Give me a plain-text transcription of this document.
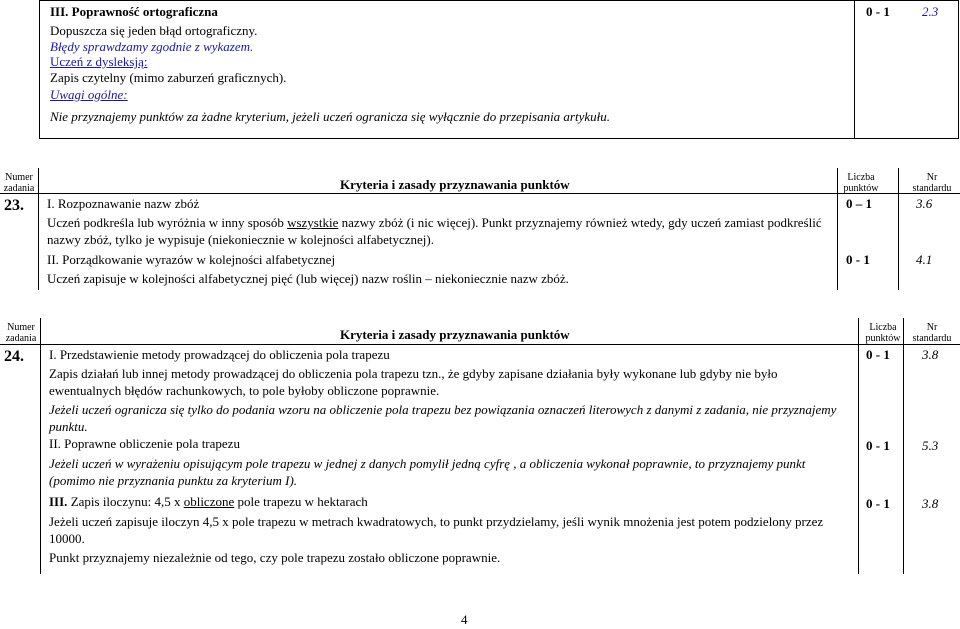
III. Poprawność ortograficzna
Dopuszcza się jeden błąd ortograficzny.
Błędy sprawdzamy zgodnie z wykazem.
Uczeń z dysleksją:
Zapis czytelny (mimo zaburzeń graficznych).
Uwagi ogólne:
Nie przyznajemy punktów za żadne kryterium, jeżeli uczeń ogranicza się wyłącznie do przepisania artykułu.
0 - 1 2.3
Numer
zadania	Kryteria i zasady przyznawania punktów	Liczba
punktów
Nr
standardu
23. I. Rozpoznawanie nazw zbóż	0 – 1	3.6
Uczeń podkreśla lub wyróżnia w inny sposób wszystkie nazwy zbóż (i nic więcej). Punkt przyznajemy również wtedy, gdy uczeń zamiast podkreślić nazwy zbóż, tylko je wypisuje (niekoniecznie w kolejności alfabetycznej).
II. Porządkowanie wyrazów w kolejności alfabetycznej	0 - 1	4.1
Uczeń zapisuje w kolejności alfabetycznej pięć (lub więcej) nazw roślin – niekoniecznie nazw zbóż.
Numer
zadania	Kryteria i zasady przyznawania punktów	Liczba
punktów
Nr
standardu
24. I. Przedstawienie metody prowadzącej do obliczenia pola trapezu	0 - 1 3.8
Zapis działań lub innej metody prowadzącej do obliczenia pola trapezu tzn., że gdyby zapisane działania były wykonane lub gdyby nie było ewentualnych błędów rachunkowych, to pole byłoby obliczone poprawnie.
Jeżeli uczeń ogranicza się tylko do podania wzoru na obliczenie pola trapezu bez powiązania oznaczeń literowych z danymi z zadania, nie przyznajemy punktu.
II. Poprawne obliczenie pola trapezu	0 - 1 5.3
Jeżeli uczeń w wyrażeniu opisującym pole trapezu w jednej z danych pomylił jedną cyfrę , a obliczenia wykonał poprawnie, to przyznajemy punkt (pomimo nie przyznania punktu za kryterium I).
III. Zapis iloczynu: 4,5 x obliczone pole trapezu w hektarach	0 - 1 3.8
Jeżeli uczeń zapisuje iloczyn 4,5 x pole trapezu w metrach kwadratowych, to punkt przydzielamy, jeśli wynik mnożenia jest potem podzielony przez 10000.
Punkt przyznajemy niezależnie od tego, czy pole trapezu zostało obliczone poprawnie.
4
